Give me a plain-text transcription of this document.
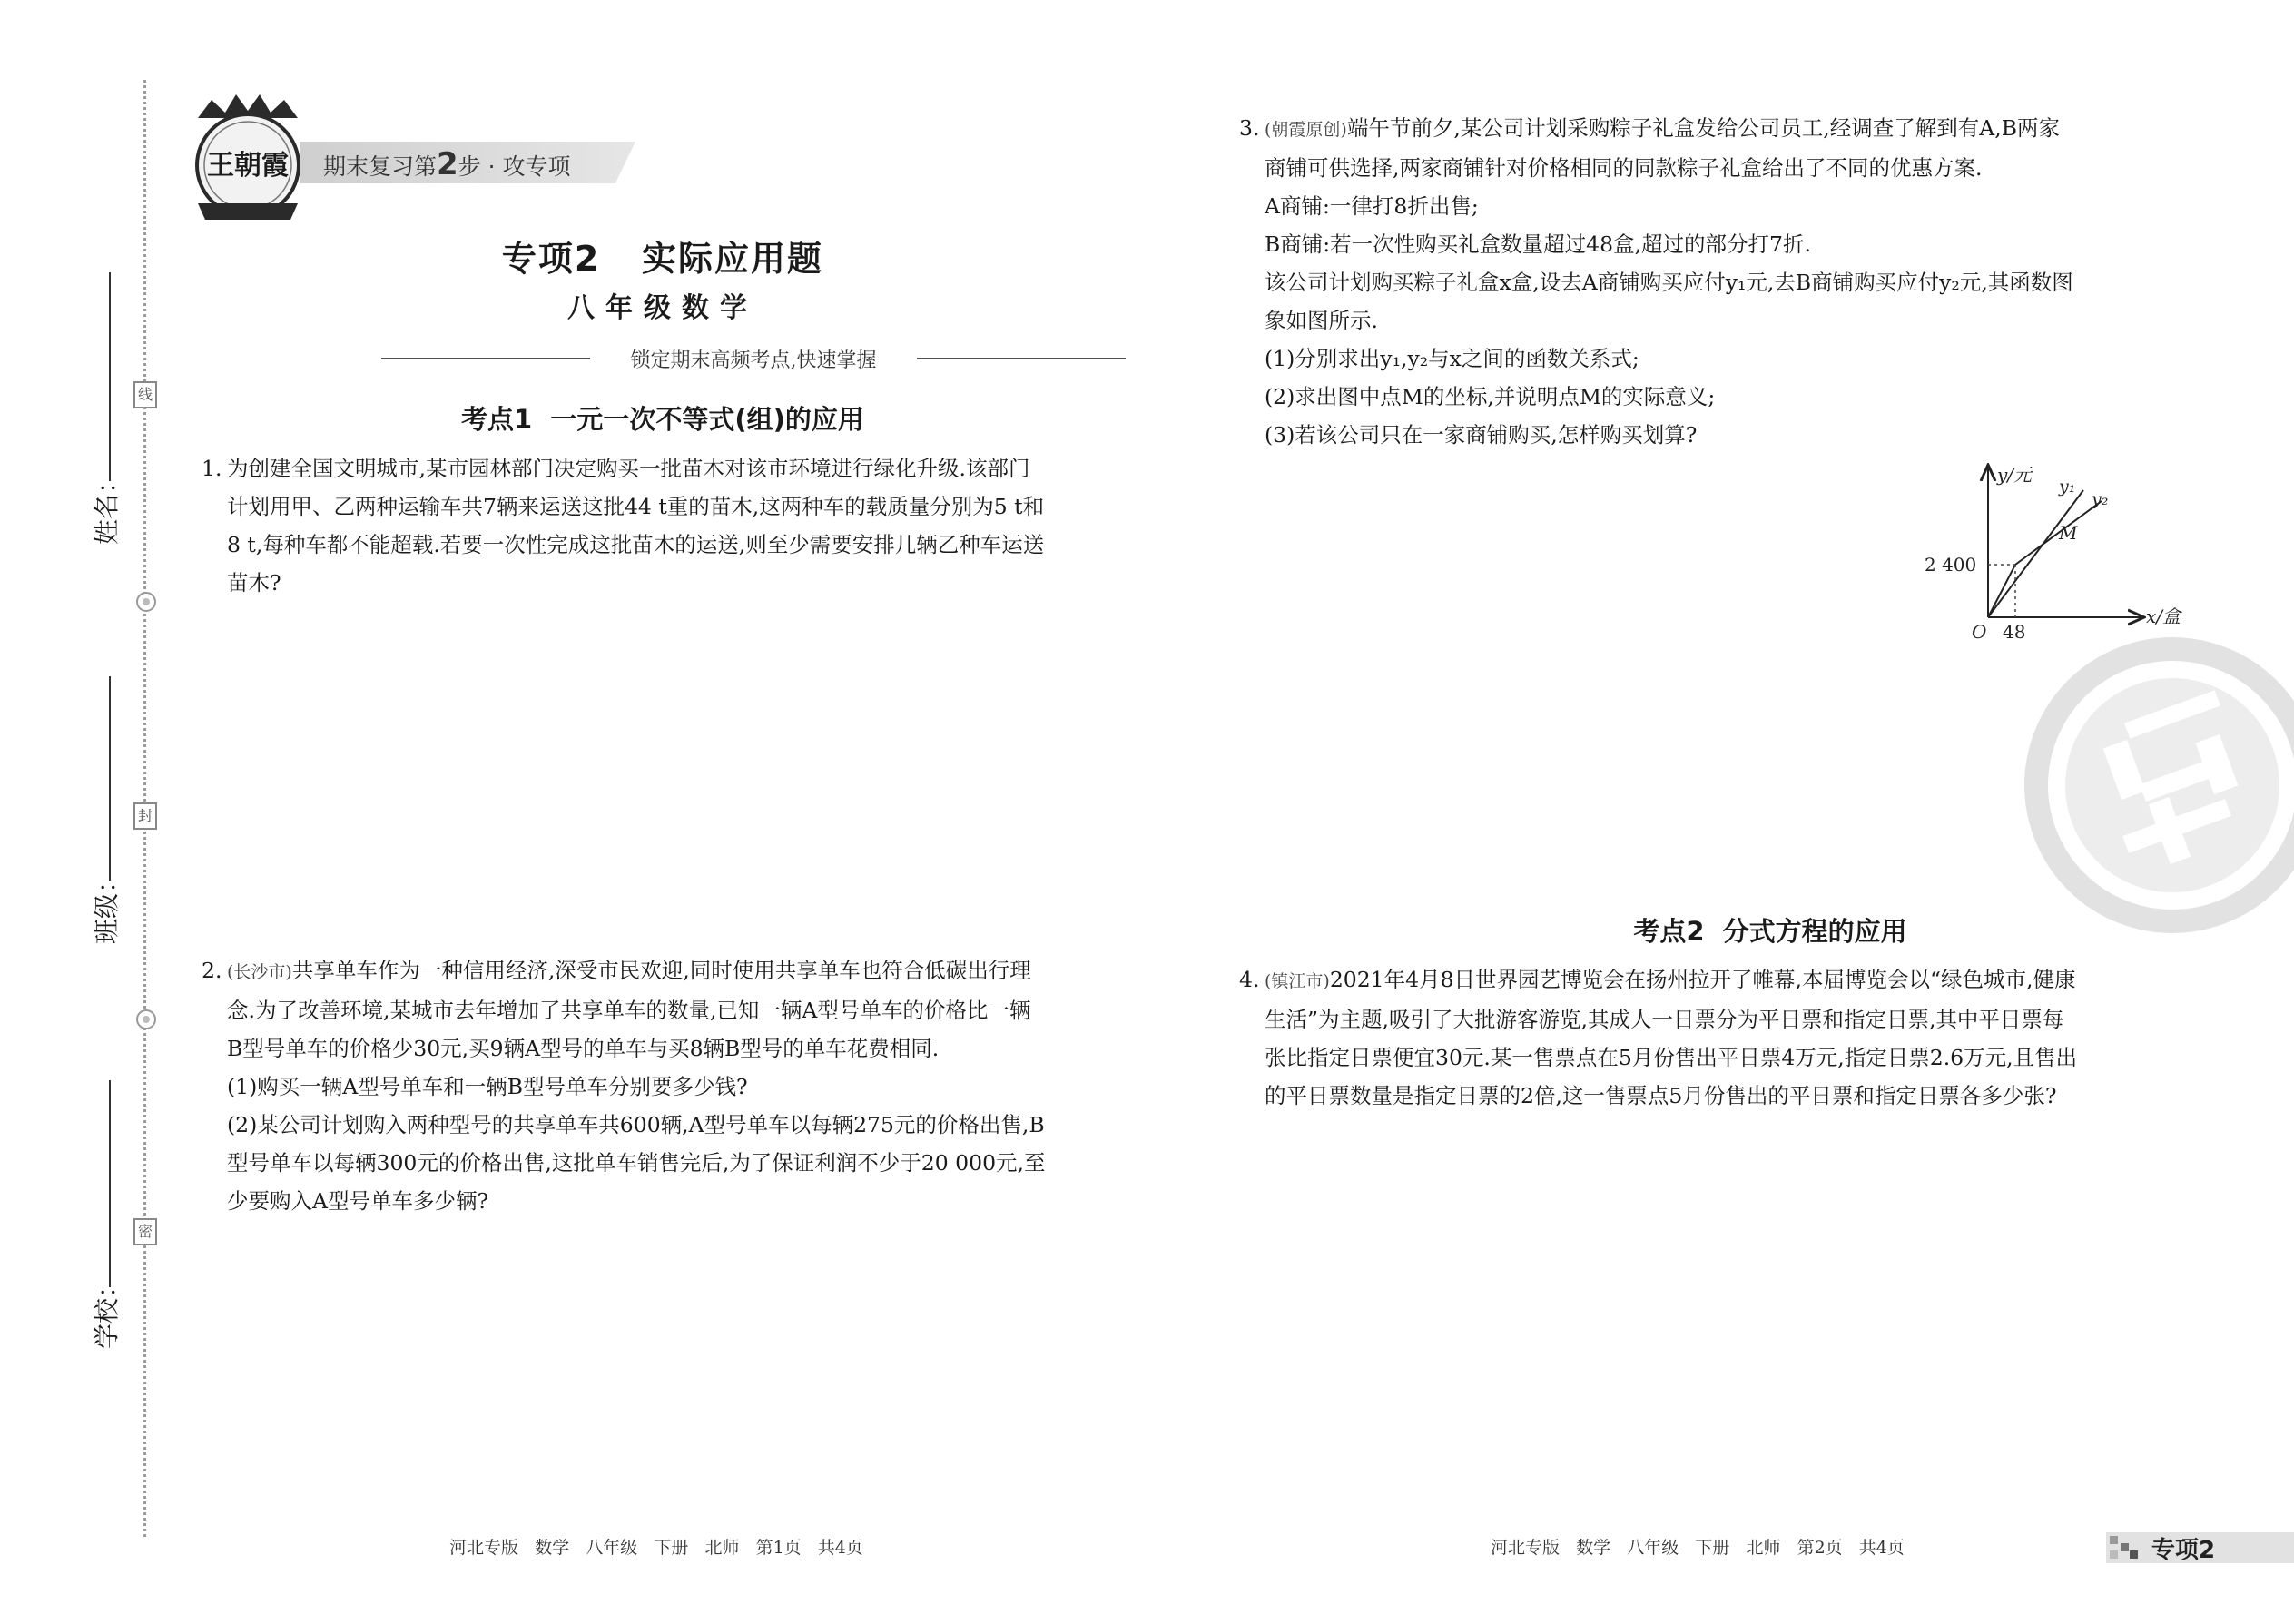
线
封
密
姓名：
班级：
学校：
王朝霞 期末复习第2步 · 攻专项
专项2   实际应用题
八年级数学
锁定期末高频考点,快速掌握
考点1  一元一次不等式(组)的应用
1. 为创建全国文明城市,某市园林部门决定购买一批苗木对该市环境进行绿化升级.该部门

计划用甲、乙两种运输车共7辆来运送这批44 t重的苗木,这两种车的载质量分别为5 t和

8 t,每种车都不能超载.若要一次性完成这批苗木的运送,则至少需要安排几辆乙种车运送

苗木?

2. (长沙市)共享单车作为一种信用经济,深受市民欢迎,同时使用共享单车也符合低碳出行理

念.为了改善环境,某城市去年增加了共享单车的数量,已知一辆A型号单车的价格比一辆

B型号单车的价格少30元,买9辆A型号的单车与买8辆B型号的单车花费相同.

(1)购买一辆A型号单车和一辆B型号单车分别要多少钱?

(2)某公司计划购入两种型号的共享单车共600辆,A型号单车以每辆275元的价格出售,B

型号单车以每辆300元的价格出售,这批单车销售完后,为了保证利润不少于20 000元,至

少要购入A型号单车多少辆?

河北专版   数学   八年级   下册   北师   第1页   共4页
3. (朝霞原创)端午节前夕,某公司计划采购粽子礼盒发给公司员工,经调查了解到有A,B两家

商铺可供选择,两家商铺针对价格相同的同款粽子礼盒给出了不同的优惠方案.

A商铺:一律打8折出售;

B商铺:若一次性购买礼盒数量超过48盒,超过的部分打7折.

该公司计划购买粽子礼盒x盒,设去A商铺购买应付y₁元,去B商铺购买应付y₂元,其函数图

象如图所示.

(1)分别求出y₁,y₂与x之间的函数关系式;

(2)求出图中点M的坐标,并说明点M的实际意义;

(3)若该公司只在一家商铺购买,怎样购买划算?

y/元
x/盒
O
2 400
48
y₁
y₂
M
考点2  分式方程的应用
4. (镇江市)2021年4月8日世界园艺博览会在扬州拉开了帷幕,本届博览会以“绿色城市,健康

生活”为主题,吸引了大批游客游览,其成人一日票分为平日票和指定日票,其中平日票每

张比指定日票便宜30元.某一售票点在5月份售出平日票4万元,指定日票2.6万元,且售出

的平日票数量是指定日票的2倍,这一售票点5月份售出的平日票和指定日票各多少张?

河北专版   数学   八年级   下册   北师   第2页   共4页	专项2
